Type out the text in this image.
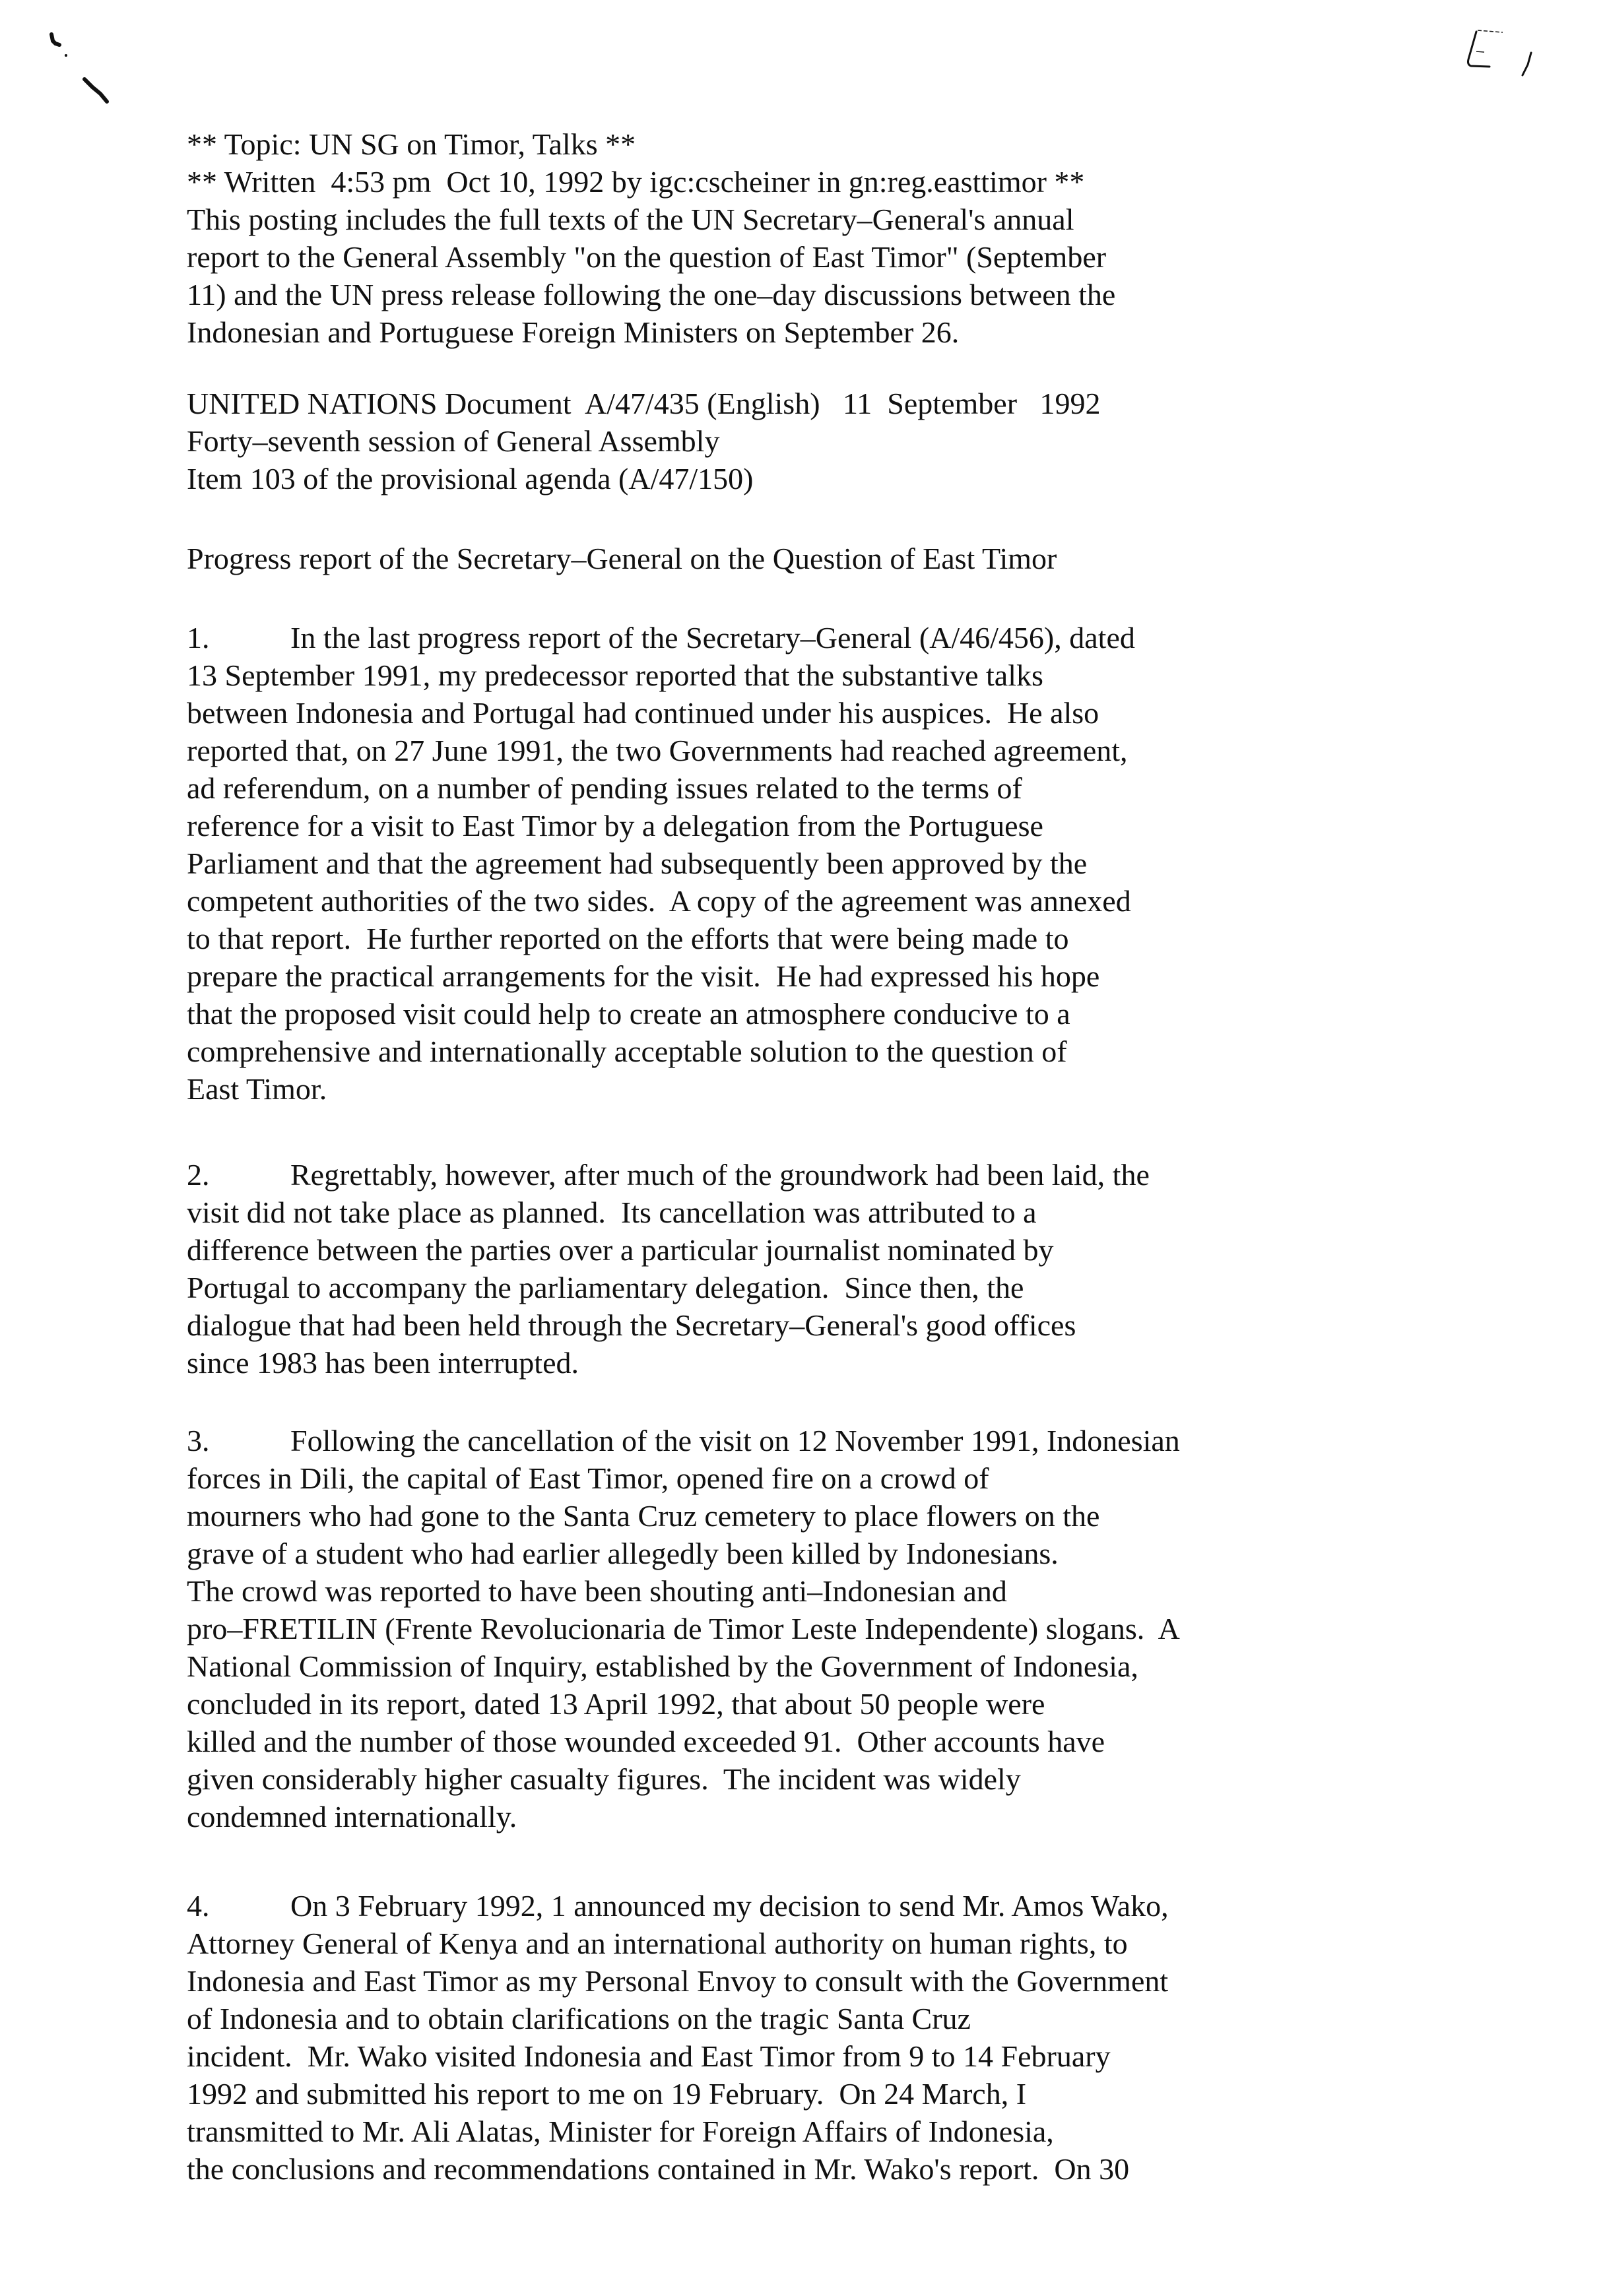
** Topic: UN SG on Timor, Talks **
** Written  4:53 pm  Oct 10, 1992 by igc:cscheiner in gn:reg.easttimor **
This posting includes the full texts of the UN Secretary–General's annual
report to the General Assembly "on the question of East Timor" (September
11) and the UN press release following the one–day discussions between the
Indonesian and Portuguese Foreign Ministers on September 26.
UNITED NATIONS Document  A/47/435 (English)   11  September   1992
Forty–seventh session of General Assembly
Item 103 of the provisional agenda (A/47/150)
Progress report of the Secretary–General on the Question of East Timor
1.	In the last progress report of the Secretary–General (A/46/456), dated
13 September 1991, my predecessor reported that the substantive talks
between Indonesia and Portugal had continued under his auspices.  He also
reported that, on 27 June 1991, the two Governments had reached agreement,
ad referendum, on a number of pending issues related to the terms of
reference for a visit to East Timor by a delegation from the Portuguese
Parliament and that the agreement had subsequently been approved by the
competent authorities of the two sides.  A copy of the agreement was annexed
to that report.  He further reported on the efforts that were being made to
prepare the practical arrangements for the visit.  He had expressed his hope
that the proposed visit could help to create an atmosphere conducive to a
comprehensive and internationally acceptable solution to the question of
East Timor.
2.	Regrettably, however, after much of the groundwork had been laid, the
visit did not take place as planned.  Its cancellation was attributed to a
difference between the parties over a particular journalist nominated by
Portugal to accompany the parliamentary delegation.  Since then, the
dialogue that had been held through the Secretary–General's good offices
since 1983 has been interrupted.
3.	Following the cancellation of the visit on 12 November 1991, Indonesian
forces in Dili, the capital of East Timor, opened fire on a crowd of
mourners who had gone to the Santa Cruz cemetery to place flowers on the
grave of a student who had earlier allegedly been killed by Indonesians.
The crowd was reported to have been shouting anti–Indonesian and
pro–FRETILIN (Frente Revolucionaria de Timor Leste Independente) slogans.  A
National Commission of Inquiry, established by the Government of Indonesia,
concluded in its report, dated 13 April 1992, that about 50 people were
killed and the number of those wounded exceeded 91.  Other accounts have
given considerably higher casualty figures.  The incident was widely
condemned internationally.
4.	On 3 February 1992, 1 announced my decision to send Mr. Amos Wako,
Attorney General of Kenya and an international authority on human rights, to
Indonesia and East Timor as my Personal Envoy to consult with the Government
of Indonesia and to obtain clarifications on the tragic Santa Cruz
incident.  Mr. Wako visited Indonesia and East Timor from 9 to 14 February
1992 and submitted his report to me on 19 February.  On 24 March, I
transmitted to Mr. Ali Alatas, Minister for Foreign Affairs of Indonesia,
the conclusions and recommendations contained in Mr. Wako's report.  On 30
